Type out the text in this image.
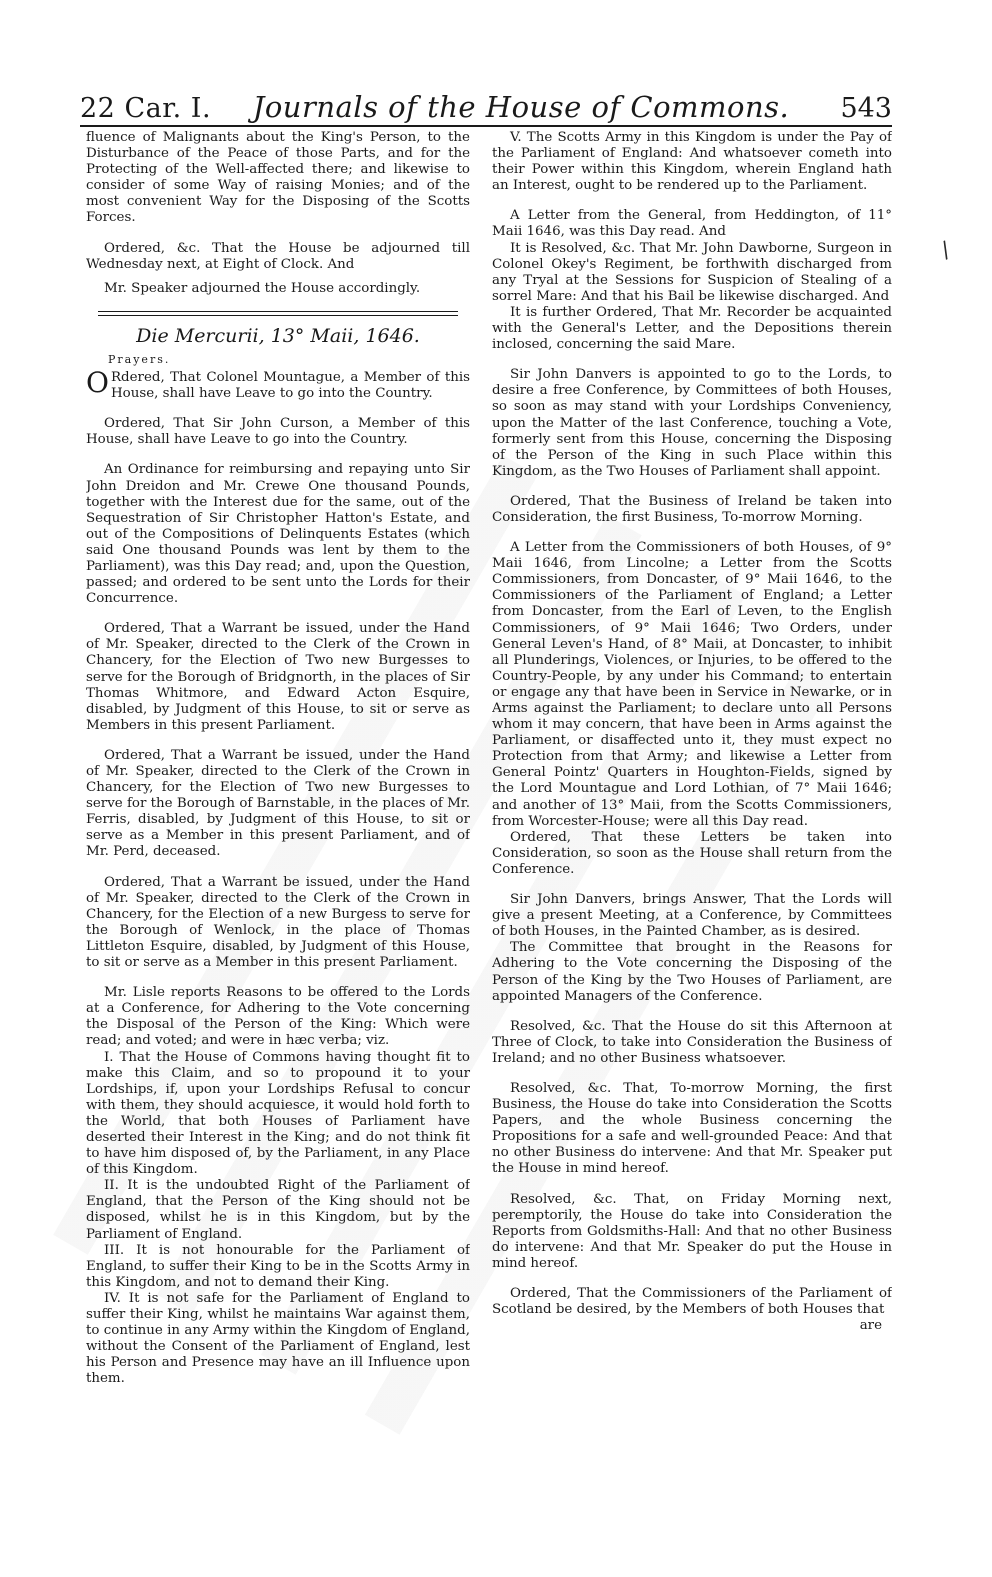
22 Car. I.	Journals of the House of Commons.	543
/

fluence of Malignants about the King's Person, to the Disturbance of the Peace of those Parts, and for the Protecting of the Well-affected there; and likewise to consider of some Way of raising Monies; and of the most convenient Way for the Disposing of the Scotts Forces.

Ordered, &c. That the House be adjourned till Wednesday next, at Eight of Clock. And

Mr. Speaker adjourned the House accordingly.

Die Mercurii, 13° Maii, 1646.
Prayers.

ORdered, That Colonel Mountague, a Member of this House, shall have Leave to go into the Country.

Ordered, That Sir John Curson, a Member of this House, shall have Leave to go into the Country.

An Ordinance for reimbursing and repaying unto Sir John Dreidon and Mr. Crewe One thousand Pounds, together with the Interest due for the same, out of the Sequestration of Sir Christopher Hatton's Estate, and out of the Compositions of Delinquents Estates (which said One thousand Pounds was lent by them to the Parliament), was this Day read; and, upon the Question, passed; and ordered to be sent unto the Lords for their Concurrence.

Ordered, That a Warrant be issued, under the Hand of Mr. Speaker, directed to the Clerk of the Crown in Chancery, for the Election of Two new Burgesses to serve for the Borough of Bridgnorth, in the places of Sir Thomas Whitmore, and Edward Acton Esquire, disabled, by Judgment of this House, to sit or serve as Members in this present Parliament.

Ordered, That a Warrant be issued, under the Hand of Mr. Speaker, directed to the Clerk of the Crown in Chancery, for the Election of Two new Burgesses to serve for the Borough of Barnstable, in the places of Mr. Ferris, disabled, by Judgment of this House, to sit or serve as a Member in this present Parliament, and of Mr. Perd, deceased.

Ordered, That a Warrant be issued, under the Hand of Mr. Speaker, directed to the Clerk of the Crown in Chancery, for the Election of a new Burgess to serve for the Borough of Wenlock, in the place of Thomas Littleton Esquire, disabled, by Judgment of this House, to sit or serve as a Member in this present Parliament.

Mr. Lisle reports Reasons to be offered to the Lords at a Conference, for Adhering to the Vote concerning the Disposal of the Person of the King: Which were read; and voted; and were in hæc verba; viz.

I. That the House of Commons having thought fit to make this Claim, and so to propound it to your Lordships, if, upon your Lordships Refusal to concur with them, they should acquiesce, it would hold forth to the World, that both Houses of Parliament have deserted their Interest in the King; and do not think fit to have him disposed of, by the Parliament, in any Place of this Kingdom.

II. It is the undoubted Right of the Parliament of England, that the Person of the King should not be disposed, whilst he is in this Kingdom, but by the Parliament of England.

III. It is not honourable for the Parliament of England, to suffer their King to be in the Scotts Army in this Kingdom, and not to demand their King.

IV. It is not safe for the Parliament of England to suffer their King, whilst he maintains War against them, to continue in any Army within the Kingdom of England, without the Consent of the Parliament of England, lest his Person and Presence may have an ill Influence upon them.

V. The Scotts Army in this Kingdom is under the Pay of the Parliament of England: And whatsoever cometh into their Power within this Kingdom, wherein England hath an Interest, ought to be rendered up to the Parliament.

A Letter from the General, from Heddington, of 11° Maii 1646, was this Day read. And

It is Resolved, &c. That Mr. John Dawborne, Surgeon in Colonel Okey's Regiment, be forthwith discharged from any Tryal at the Sessions for Suspicion of Stealing of a sorrel Mare: And that his Bail be likewise discharged. And

It is further Ordered, That Mr. Recorder be acquainted with the General's Letter, and the Depositions therein inclosed, concerning the said Mare.

Sir John Danvers is appointed to go to the Lords, to desire a free Conference, by Committees of both Houses, so soon as may stand with your Lordships Conveniency, upon the Matter of the last Conference, touching a Vote, formerly sent from this House, concerning the Disposing of the Person of the King in such Place within this Kingdom, as the Two Houses of Parliament shall appoint.

Ordered, That the Business of Ireland be taken into Consideration, the first Business, To-morrow Morning.

A Letter from the Commissioners of both Houses, of 9° Maii 1646, from Lincolne; a Letter from the Scotts Commissioners, from Doncaster, of 9° Maii 1646, to the Commissioners of the Parliament of England; a Letter from Doncaster, from the Earl of Leven, to the English Commissioners, of 9° Maii 1646; Two Orders, under General Leven's Hand, of 8° Maii, at Doncaster, to inhibit all Plunderings, Violences, or Injuries, to be offered to the Country-People, by any under his Command; to entertain or engage any that have been in Service in Newarke, or in Arms against the Parliament; to declare unto all Persons whom it may concern, that have been in Arms against the Parliament, or disaffected unto it, they must expect no Protection from that Army; and likewise a Letter from General Pointz' Quarters in Houghton-Fields, signed by the Lord Mountague and Lord Lothian, of 7° Maii 1646; and another of 13° Maii, from the Scotts Commissioners, from Worcester-House; were all this Day read.

Ordered, That these Letters be taken into Consideration, so soon as the House shall return from the Conference.

Sir John Danvers, brings Answer, That the Lords will give a present Meeting, at a Conference, by Committees of both Houses, in the Painted Chamber, as is desired.

The Committee that brought in the Reasons for Adhering to the Vote concerning the Disposing of the Person of the King by the Two Houses of Parliament, are appointed Managers of the Conference.

Resolved, &c. That the House do sit this Afternoon at Three of Clock, to take into Consideration the Business of Ireland; and no other Business whatsoever.

Resolved, &c. That, To-morrow Morning, the first Business, the House do take into Consideration the Scotts Papers, and the whole Business concerning the Propositions for a safe and well-grounded Peace: And that no other Business do intervene: And that Mr. Speaker put the House in mind hereof.

Resolved, &c. That, on Friday Morning next, peremptorily, the House do take into Consideration the Reports from Goldsmiths-Hall: And that no other Business do intervene: And that Mr. Speaker do put the House in mind hereof.

Ordered, That the Commissioners of the Parliament of Scotland be desired, by the Members of both Houses that

are
